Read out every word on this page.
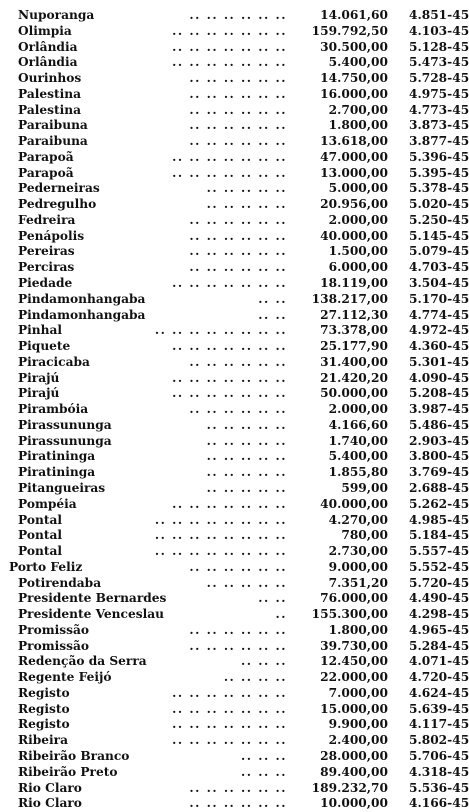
Nuporanga	.. .. .. .. .. ..	14.061,60 4.851-45
Olimpia	.. .. .. .. .. .. .. 159.792,50 4.103-45
Orlândia	.. .. .. .. .. .. ..	30.500,00 5.128-45
Orlândia	.. .. .. .. .. .. ..	5.400,00 5.473-45
Ourinhos	.. .. .. .. .. ..	14.750,00 5.728-45
Palestina	.. .. .. .. .. ..	16.000,00 4.975-45
Palestina	.. .. .. .. .. ..	2.700,00 4.773-45
Paraibuna	.. .. .. .. .. ..	1.800,00 3.873-45
Paraibuna	.. .. .. .. .. ..	13.618,00 3.877-45
Parapoã	.. .. .. .. .. .. ..	47.000,00 5.396-45
Parapoã	.. .. .. .. .. .. ..	13.000,00 5.395-45
Pederneiras	.. .. .. .. ..	5.000,00 5.378-45
Pedregulho	.. .. .. .. ..	20.956,00 5.020-45
Fedreira	.. .. .. .. .. ..	2.000,00 5.250-45
Penápolis	.. .. .. .. .. ..	40.000,00 5.145-45
Pereiras	.. .. .. .. .. ..	1.500,00 5.079-45
Perciras	.. .. .. .. .. ..	6.000,00 4.703-45
Piedade	.. .. .. .. .. .. ..	18.119,00 3.504-45
Pindamonhangaba	.. .. 138.217,00 5.170-45
Pindamonhangaba	.. ..	27.112,30 4.774-45
Pinhal	.. .. .. .. .. .. .. ..	73.378,00 4.972-45
Piquete	.. .. .. .. .. .. ..	25.177,90 4.360-45
Piracicaba	.. .. .. .. .. ..	31.400,00 5.301-45
Pirajú	.. .. .. .. .. .. ..	21.420,20 4.090-45
Pirajú	.. .. .. .. .. .. ..	50.000,00 5.208-45
Pirambóia	.. .. .. .. .. ..	2.000,00 3.987-45
Pirassununga	.. .. .. .. ..	4.166,60 5.486-45
Pirassununga	.. .. .. .. ..	1.740,00 2.903-45
Piratininga	.. .. .. .. ..	5.400,00 3.800-45
Piratininga	.. .. .. .. ..	1.855,80 3.769-45
Pitangueiras	.. .. .. .. ..	599,00 2.688-45
Pompéia	.. .. .. .. .. .. ..	40.000,00 5.262-45
Pontal	.. .. .. .. .. .. .. ..	4.270,00 4.985-45
Pontal	.. .. .. .. .. .. .. ..	780,00 5.184-45
Pontal	.. .. .. .. .. .. .. ..	2.730,00 5.557-45
Porto Feliz	.. .. .. .. .. ..	9.000,00 5.552-45
Potirendaba	.. .. .. .. ..	7.351,20 5.720-45
Presidente Bernardes	.. ..	76.000,00 4.490-45
Presidente Venceslau	.. 155.300,00 4.298-45
Promissão	.. .. .. .. .. ..	1.800,00 4.965-45
Promissão	.. .. .. .. .. ..	39.730,00 5.284-45
Redenção da Serra	.. .. ..	12.450,00 4.071-45
Regente Feijó	.. .. .. ..	22.000,00 4.720-45
Registo	.. .. .. .. .. .. ..	7.000,00 4.624-45
Registo	.. .. .. .. .. .. ..	15.000,00 5.639-45
Registo	.. .. .. .. .. .. ..	9.900,00 4.117-45
Ribeira	.. .. .. .. .. .. ..	2.400,00 5.802-45
Ribeirão Branco	.. .. ..	28.000,00 5.706-45
Ribeirão Preto	.. .. ..	89.400,00 4.318-45
Rio Claro	.. .. .. .. .. .. 189.232,70 5.536-45
Rio Claro	.. .. .. .. .. ..	10.000,00 4.166-45
